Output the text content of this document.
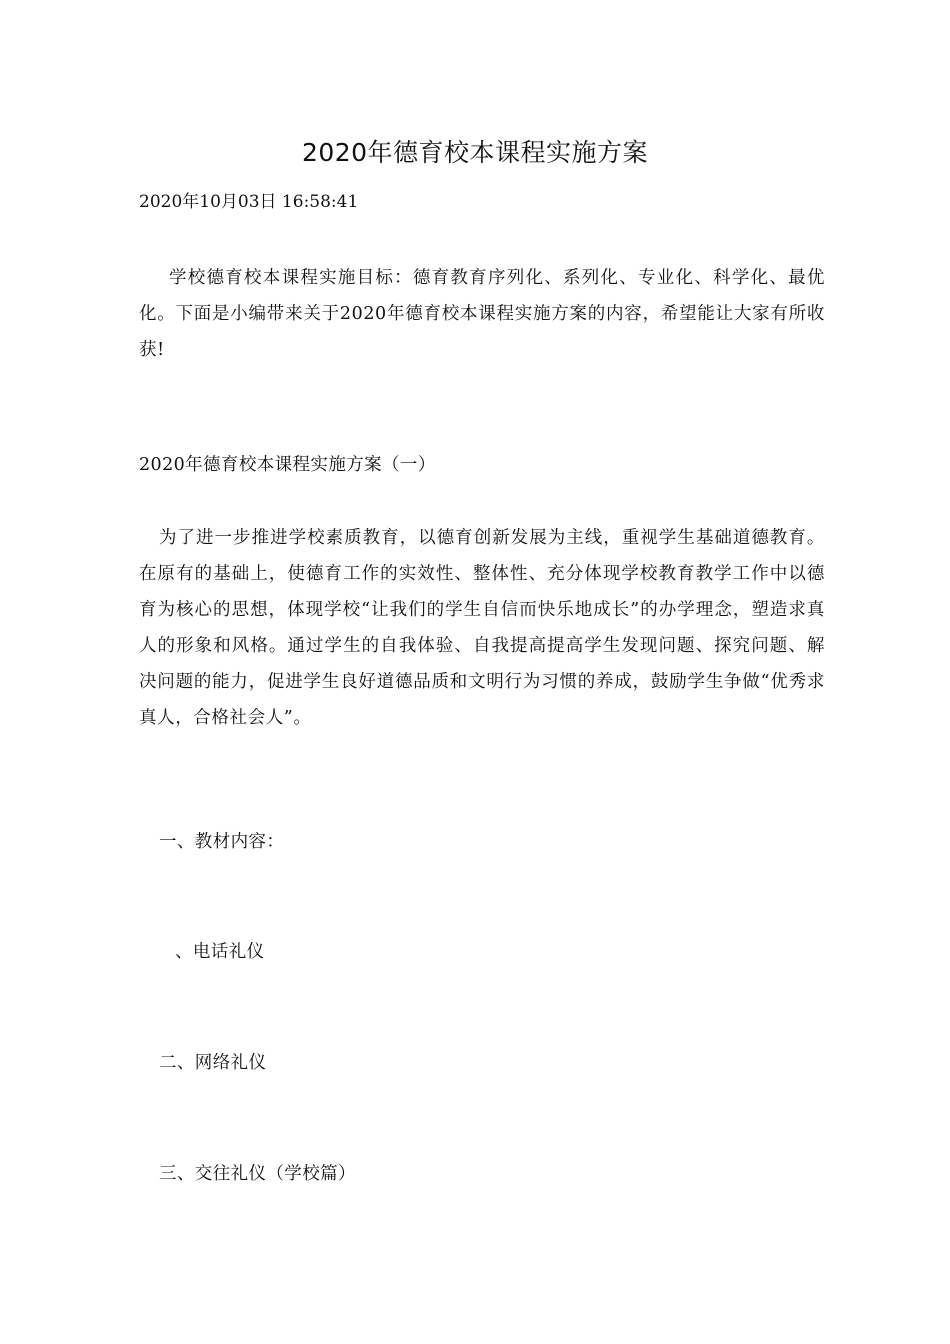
2020年德育校本课程实施方案
2020年10月03日 16:58:41
学校德育校本课程实施目标：德育教育序列化、系列化、专业化、科学化、最优化。下面是小编带来关于2020年德育校本课程实施方案的内容，希望能让大家有所收获!
2020年德育校本课程实施方案（一）
为了进一步推进学校素质教育，以德育创新发展为主线，重视学生基础道德教育。在原有的基础上，使德育工作的实效性、整体性、充分体现学校教育教学工作中以德育为核心的思想，体现学校“让我们的学生自信而快乐地成长”的办学理念，塑造求真人的形象和风格。通过学生的自我体验、自我提高提高学生发现问题、探究问题、解决问题的能力，促进学生良好道德品质和文明行为习惯的养成，鼓励学生争做“优秀求真人，合格社会人”。
一、教材内容：
、电话礼仪
二、网络礼仪
三、交往礼仪（学校篇）
